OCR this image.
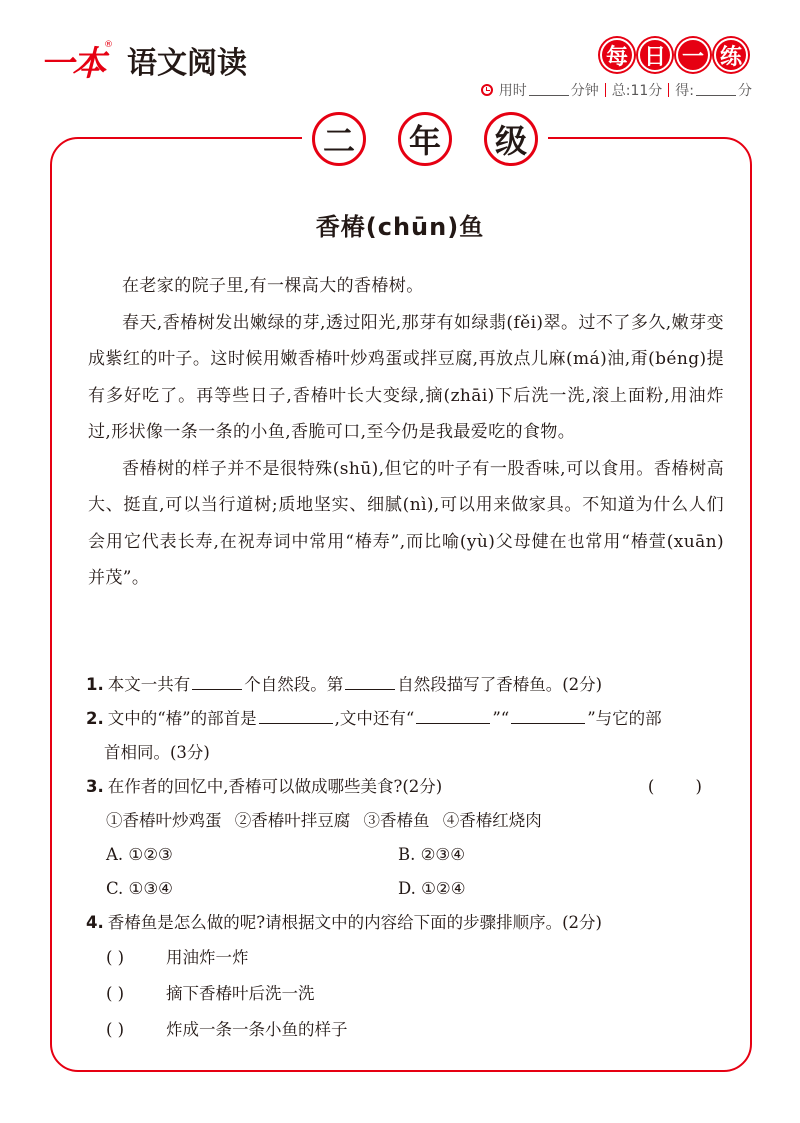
一本 ®
语文阅读	每 日 一 练
用时	分钟 总:11分 得:	分
二	年	级
香椿(chūn)鱼

在老家的院子里,有一棵高大的香椿树。

春天,香椿树发出嫩绿的芽,透过阳光,那芽有如绿翡(fěi)翠。过不了多久,嫩芽变成紫红的叶子。这时候用嫩香椿叶炒鸡蛋或拌豆腐,再放点儿麻(má)油,甭(béng)提有多好吃了。再等些日子,香椿叶长大变绿,摘(zhāi)下后洗一洗,滚上面粉,用油炸过,形状像一条一条的小鱼,香脆可口,至今仍是我最爱吃的食物。

香椿树的样子并不是很特殊(shū),但它的叶子有一股香味,可以食用。香椿树高大、挺直,可以当行道树;质地坚实、细腻(nì),可以用来做家具。不知道为什么人们会用它代表长寿,在祝寿词中常用“椿寿”,而比喻(yù)父母健在也常用“椿萱(xuān)并茂”。

1. 本文一共有	个自然段。第	自然段描写了香椿鱼。(2分)
2. 文中的“椿”的部首是	,文中还有“	”“	”与它的部
首相同。(3分)
3. 在作者的回忆中,香椿可以做成哪些美食?(2分)	( )
①香椿叶炒鸡蛋 ②香椿叶拌豆腐 ③香椿鱼 ④香椿红烧肉
A. ①②③	B. ②③④
C. ①③④	D. ①②④
4. 香椿鱼是怎么做的呢?请根据文中的内容给下面的步骤排顺序。(2分)
( )	用油炸一炸
( )	摘下香椿叶后洗一洗
( )	炸成一条一条小鱼的样子
